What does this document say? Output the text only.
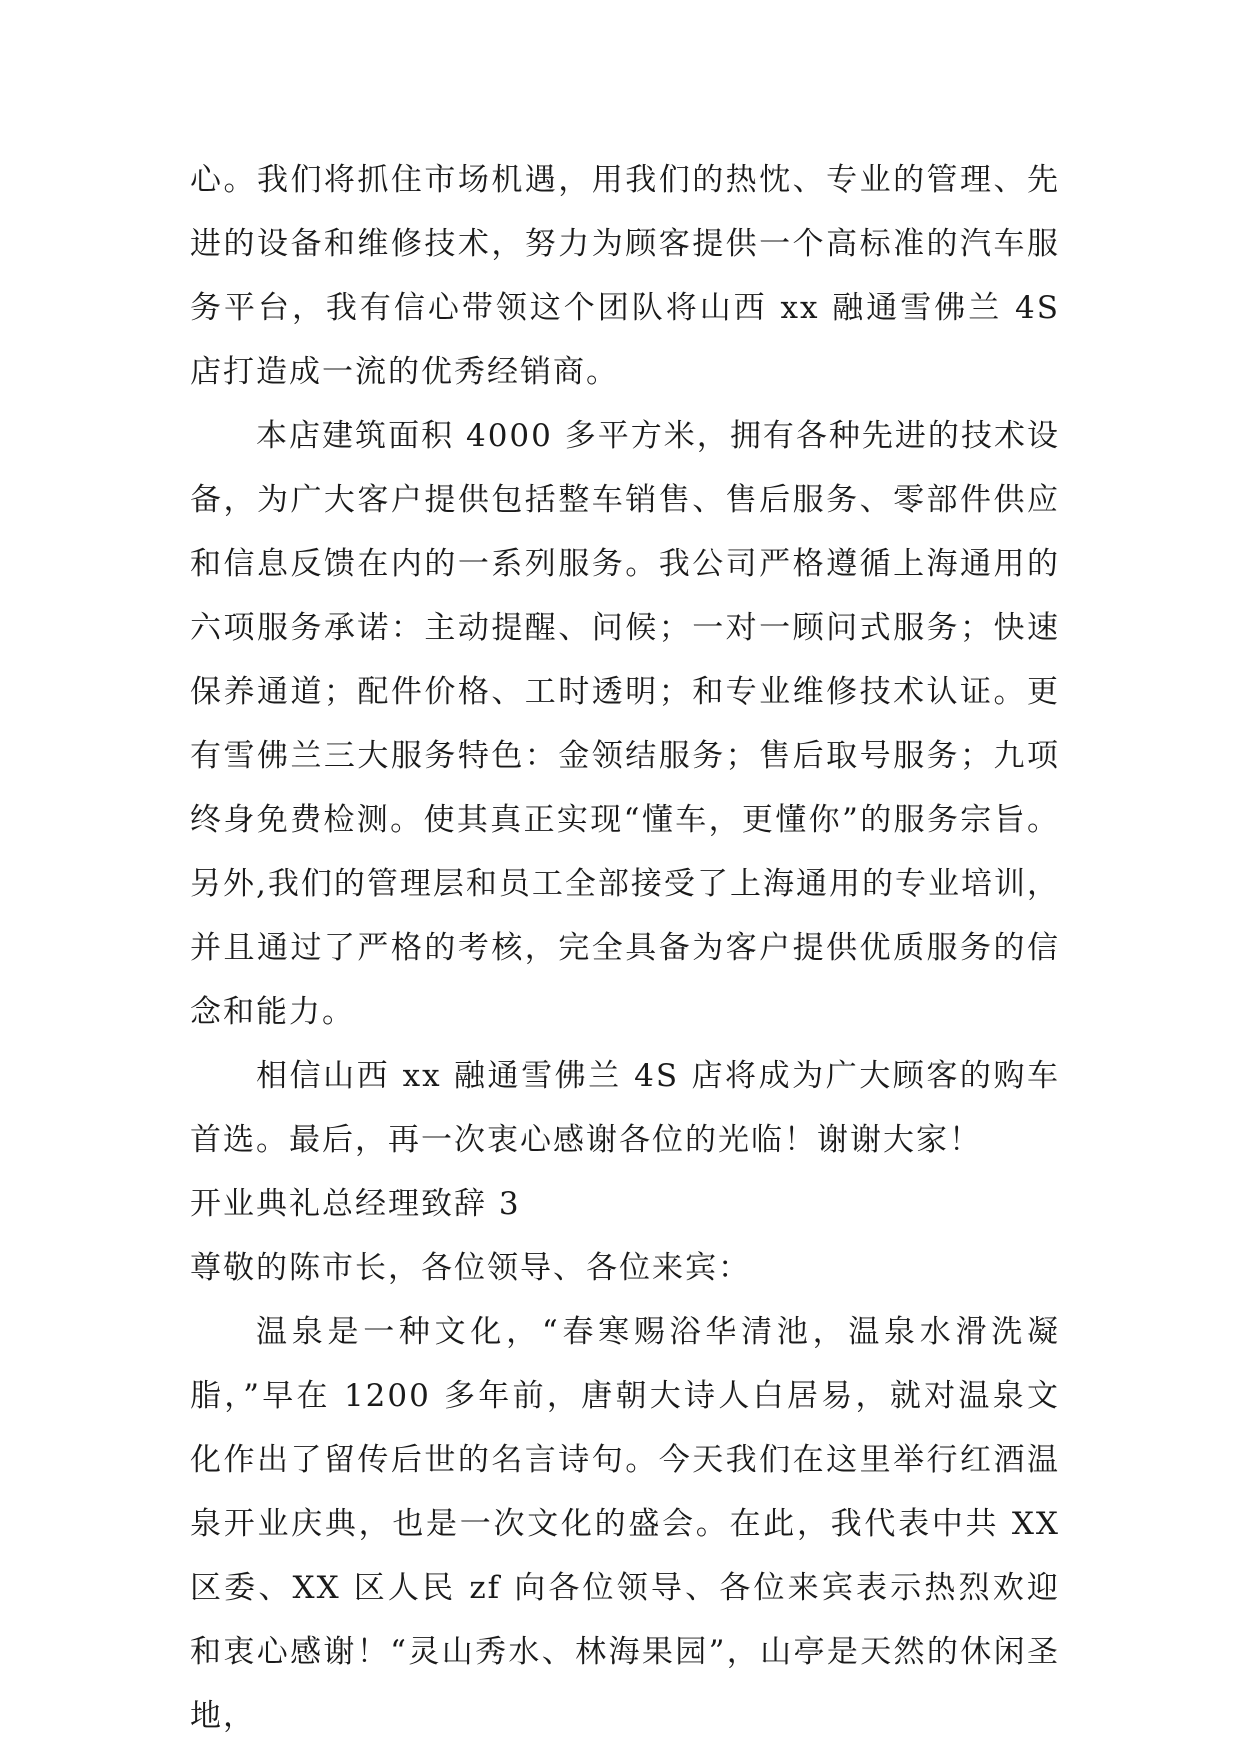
心。我们将抓住市场机遇，用我们的热忱、专业的管理、先进的设备和维修技术，努力为顾客提供一个高标准的汽车服务平台，我有信心带领这个团队将山西 xx 融通雪佛兰 4S 店打造成一流的优秀经销商。

本店建筑面积 4000 多平方米，拥有各种先进的技术设备，为广大客户提供包括整车销售、售后服务、零部件供应和信息反馈在内的一系列服务。我公司严格遵循上海通用的六项服务承诺：主动提醒、问候；一对一顾问式服务；快速保养通道；配件价格、工时透明；和专业维修技术认证。更有雪佛兰三大服务特色：金领结服务；售后取号服务；九项终身免费检测。使其真正实现“懂车，更懂你”的服务宗旨。另外,我们的管理层和员工全部接受了上海通用的专业培训，并且通过了严格的考核，完全具备为客户提供优质服务的信念和能力。

相信山西 xx 融通雪佛兰 4S 店将成为广大顾客的购车首选。最后，再一次衷心感谢各位的光临！谢谢大家！

开业典礼总经理致辞 3

尊敬的陈市长，各位领导、各位来宾：

温泉是一种文化，“春寒赐浴华清池，温泉水滑洗凝脂，”早在 1200 多年前，唐朝大诗人白居易，就对温泉文化作出了留传后世的名言诗句。今天我们在这里举行红酒温泉开业庆典，也是一次文化的盛会。在此，我代表中共 XX 区委、XX 区人民 zf 向各位领导、各位来宾表示热烈欢迎和衷心感谢！“灵山秀水、林海果园”，山亭是天然的休闲圣地，
